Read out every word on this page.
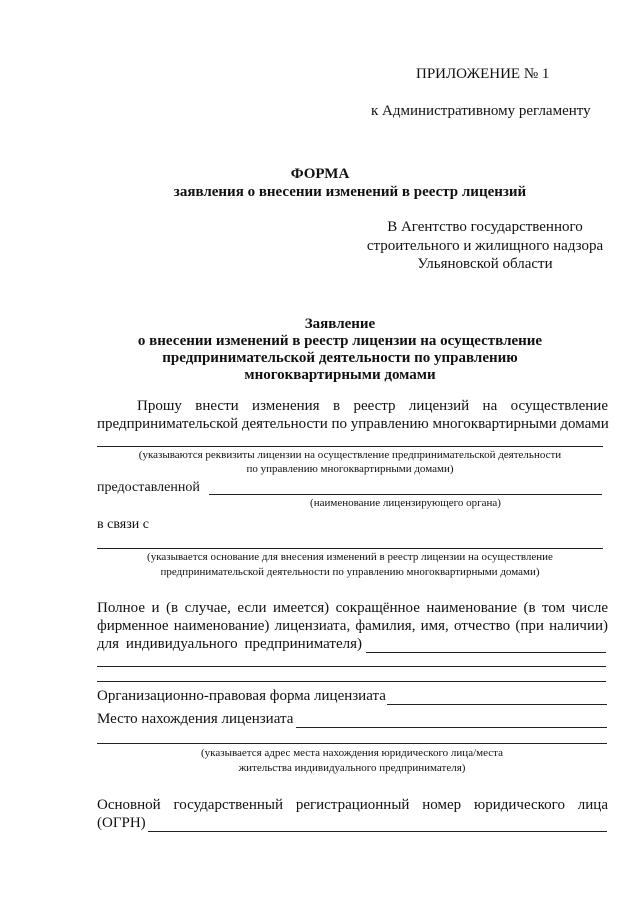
ПРИЛОЖЕНИЕ № 1
к Административному регламенту
ФОРМА
заявления о внесении изменений в реестр лицензий
В Агентство государственного
строительного и жилищного надзора
Ульяновской области
Заявление
о внесении изменений в реестр лицензии на осуществление
предпринимательской деятельности по управлению
многоквартирными домами
Прошу внести изменения в реестр лицензий на осуществление
предпринимательской деятельности по управлению многоквартирными домами
(указываются реквизиты лицензии на осуществление предпринимательской деятельности
по управлению многоквартирными домами)
предоставленной
(наименование лицензирующего органа)
в связи с
(указывается основание для внесения изменений в реестр лицензии на осуществление
предпринимательской деятельности по управлению многоквартирными домами)
Полное и (в случае, если имеется) сокращённое наименование (в том числе
фирменное наименование) лицензиата, фамилия, имя, отчество (при наличии)
для индивидуального предпринимателя)
Организационно-правовая форма лицензиата
Место нахождения лицензиата
(указывается адрес места нахождения юридического лица/места
жительства индивидуального предпринимателя)
Основной государственный регистрационный номер юридического лица
(ОГРН)
